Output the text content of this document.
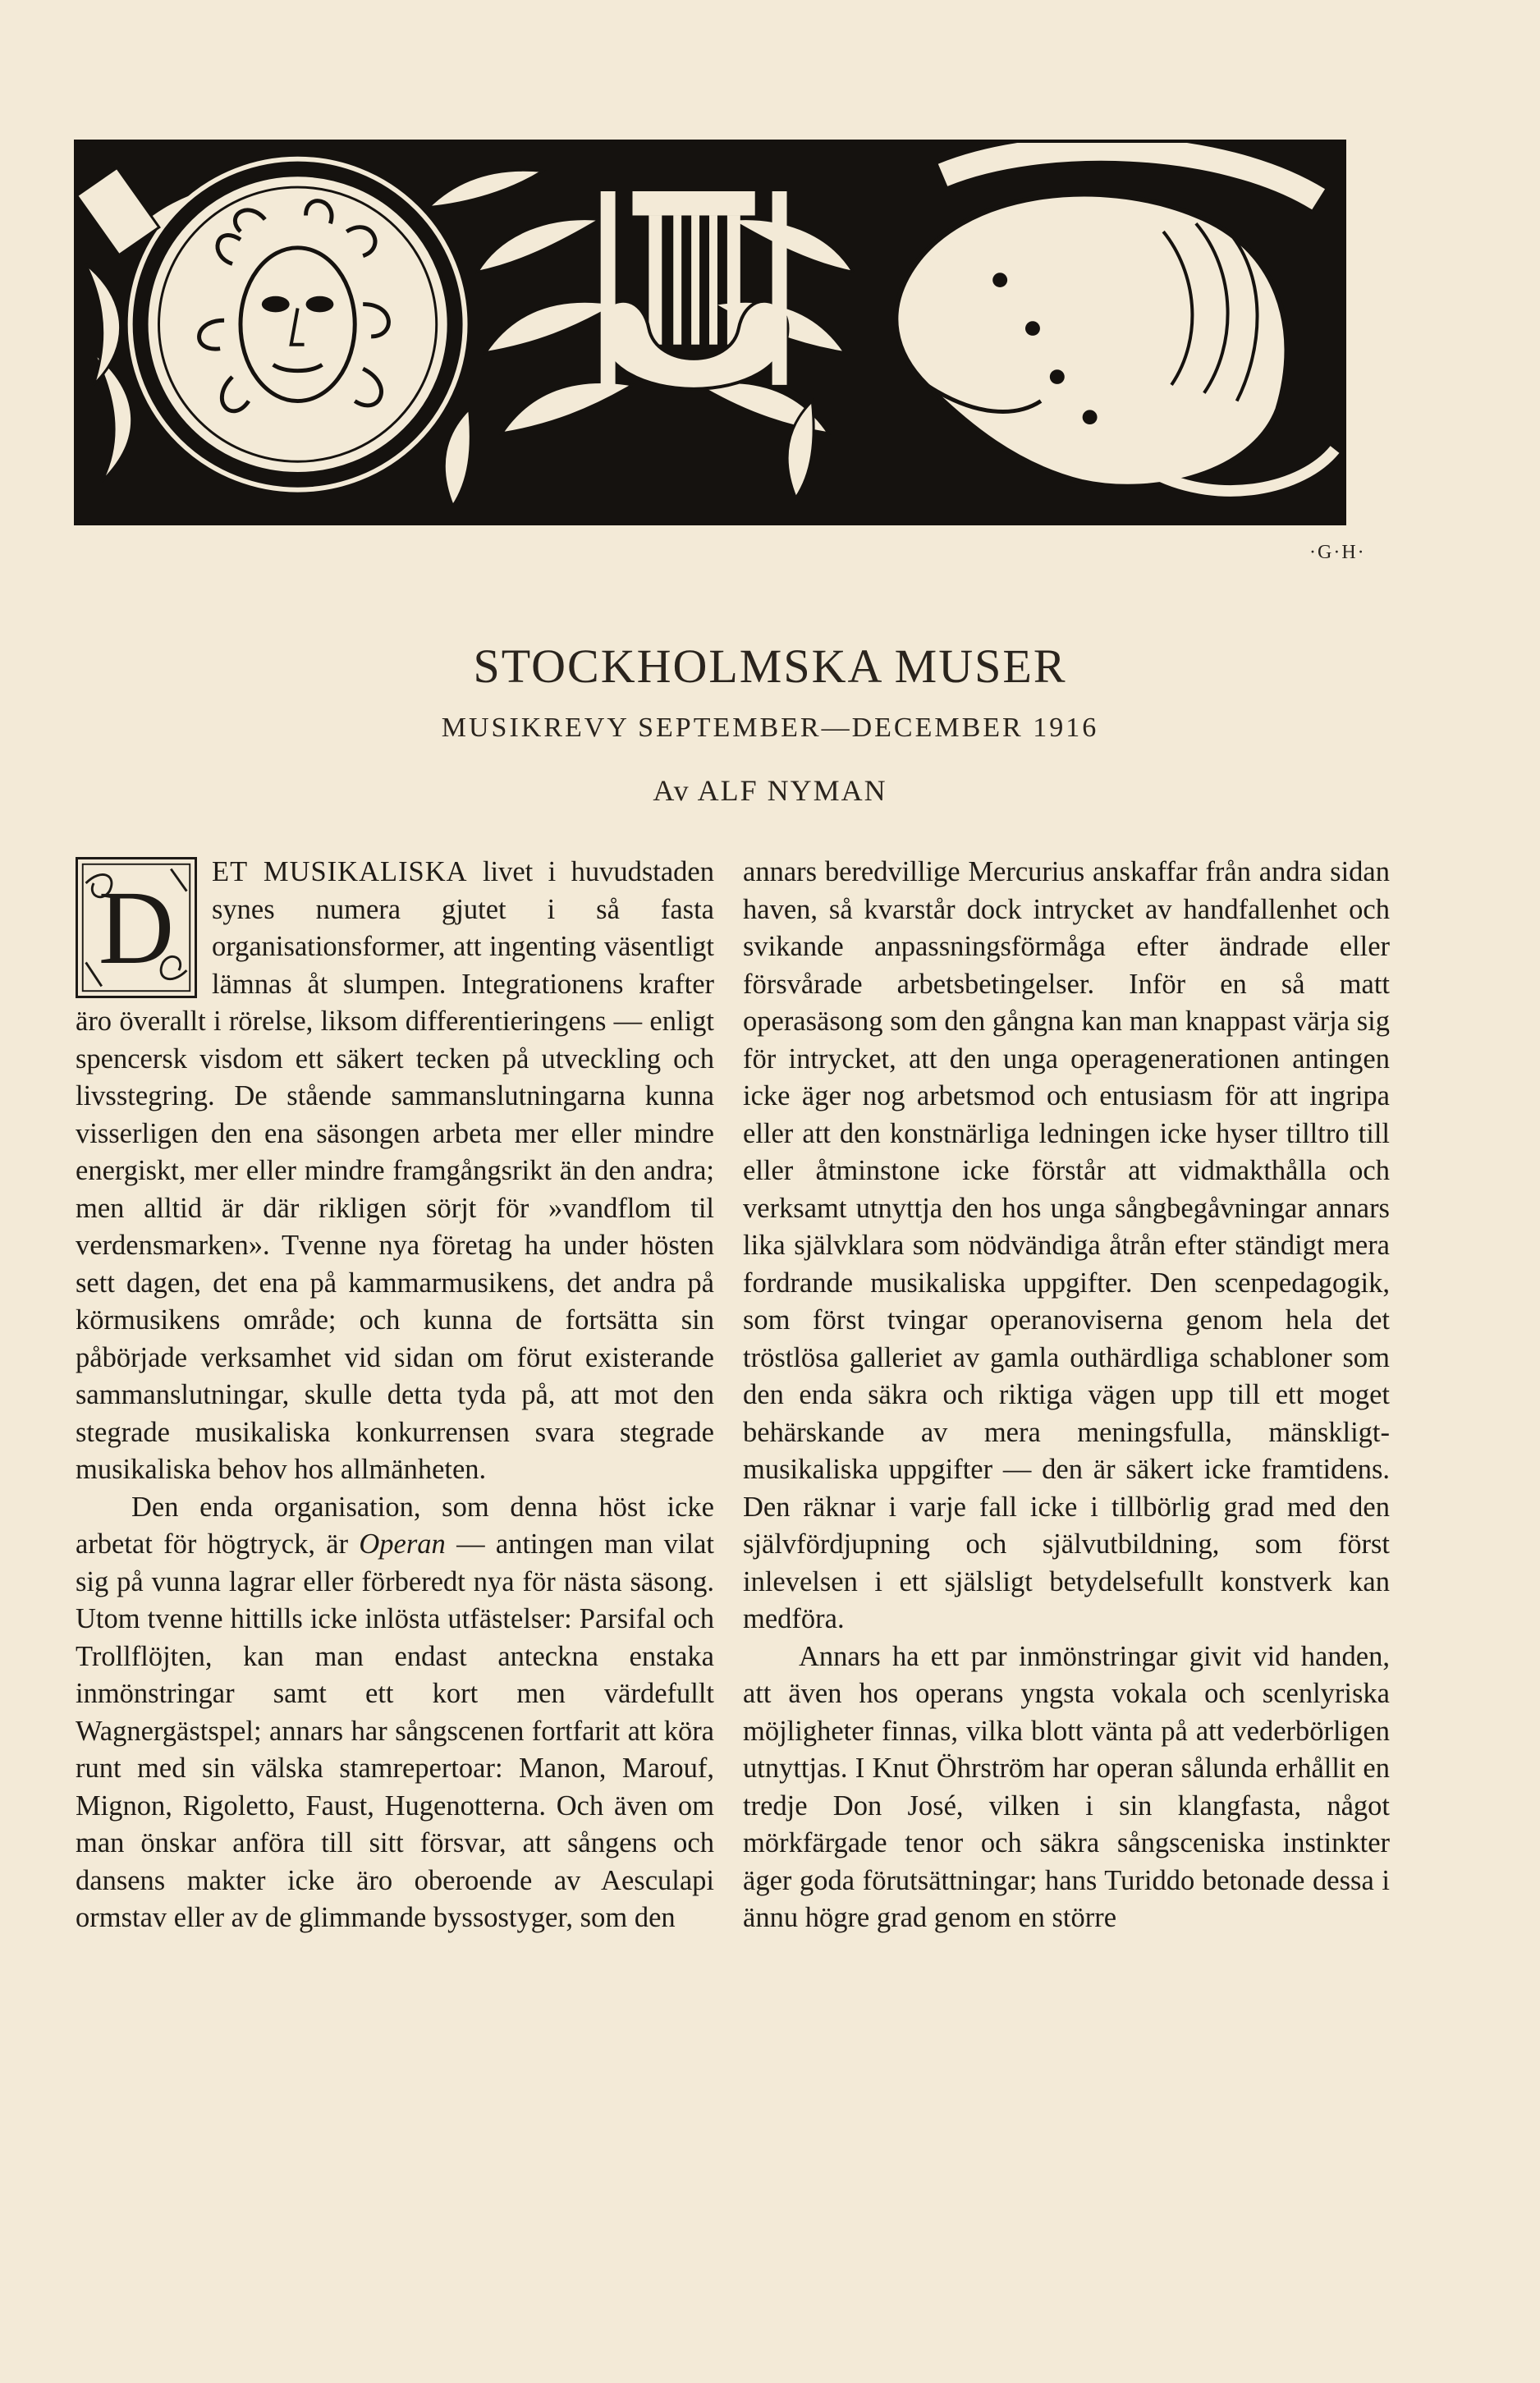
·G·H·
STOCKHOLMSKA MUSER
MUSIKREVY SEPTEMBER—DECEMBER 1916
Av ALF NYMAN

D	ET MUSIKALISKA livet i huvudstaden synes numera gjutet i så fasta organisationsformer, att ingenting väsentligt lämnas åt slumpen. Integrationens krafter äro överallt i rörelse, liksom differentieringens — enligt spencersk visdom ett säkert tecken på utveckling och livsstegring. De stående sammanslutningarna kunna visserligen den ena säsongen arbeta mer eller mindre energiskt, mer eller mindre framgångsrikt än den andra; men alltid är där rikligen sörjt för »vandflom til verdensmarken». Tvenne nya företag ha under hösten sett dagen, det ena på kammarmusikens, det andra på körmusikens område; och kunna de fortsätta sin påbörjade verksamhet vid sidan om förut existerande sammanslutningar, skulle detta tyda på, att mot den stegrade musikaliska konkurrensen svara stegrade musikaliska behov hos allmänheten.

Den enda organisation, som denna höst icke arbetat för högtryck, är Operan — antingen man vilat sig på vunna lagrar eller förberedt nya för nästa säsong. Utom tvenne hittills icke inlösta utfästelser: Parsifal och Trollflöjten, kan man endast anteckna enstaka inmönstringar samt ett kort men värdefullt Wagnergästspel; annars har sångscenen fortfarit att köra runt med sin välska stamrepertoar: Manon, Marouf, Mignon, Rigoletto, Faust, Hugenotterna. Och även om man önskar anföra till sitt försvar, att sångens och dansens makter icke äro oberoende av Aesculapi ormstav eller av de glimmande byssostyger, som den

annars beredvillige Mercurius anskaffar från andra sidan haven, så kvarstår dock intrycket av handfallenhet och svikande anpassningsförmåga efter ändrade eller försvårade arbetsbetingelser. Inför en så matt operasäsong som den gångna kan man knappast värja sig för intrycket, att den unga operagenerationen antingen icke äger nog arbetsmod och entusiasm för att ingripa eller att den konstnärliga ledningen icke hyser tilltro till eller åtminstone icke förstår att vidmakthålla och verksamt utnyttja den hos unga sångbegåvningar annars lika självklara som nödvändiga åtrån efter ständigt mera fordrande musikaliska uppgifter. Den scenpedagogik, som först tvingar operanoviserna genom hela det tröstlösa galleriet av gamla outhärdliga schabloner som den enda säkra och riktiga vägen upp till ett moget behärskande av mera meningsfulla, mänskligt-musikaliska uppgifter — den är säkert icke framtidens. Den räknar i varje fall icke i tillbörlig grad med den självfördjupning och självutbildning, som först inlevelsen i ett själsligt betydelsefullt konstverk kan medföra.

Annars ha ett par inmönstringar givit vid handen, att även hos operans yngsta vokala och scenlyriska möjligheter finnas, vilka blott vänta på att vederbörligen utnyttjas. I Knut Öhrström har operan sålunda erhållit en tredje Don José, vilken i sin klangfasta, något mörkfärgade tenor och säkra sångsceniska instinkter äger goda förutsättningar; hans Turiddo betonade dessa i ännu högre grad genom en större
